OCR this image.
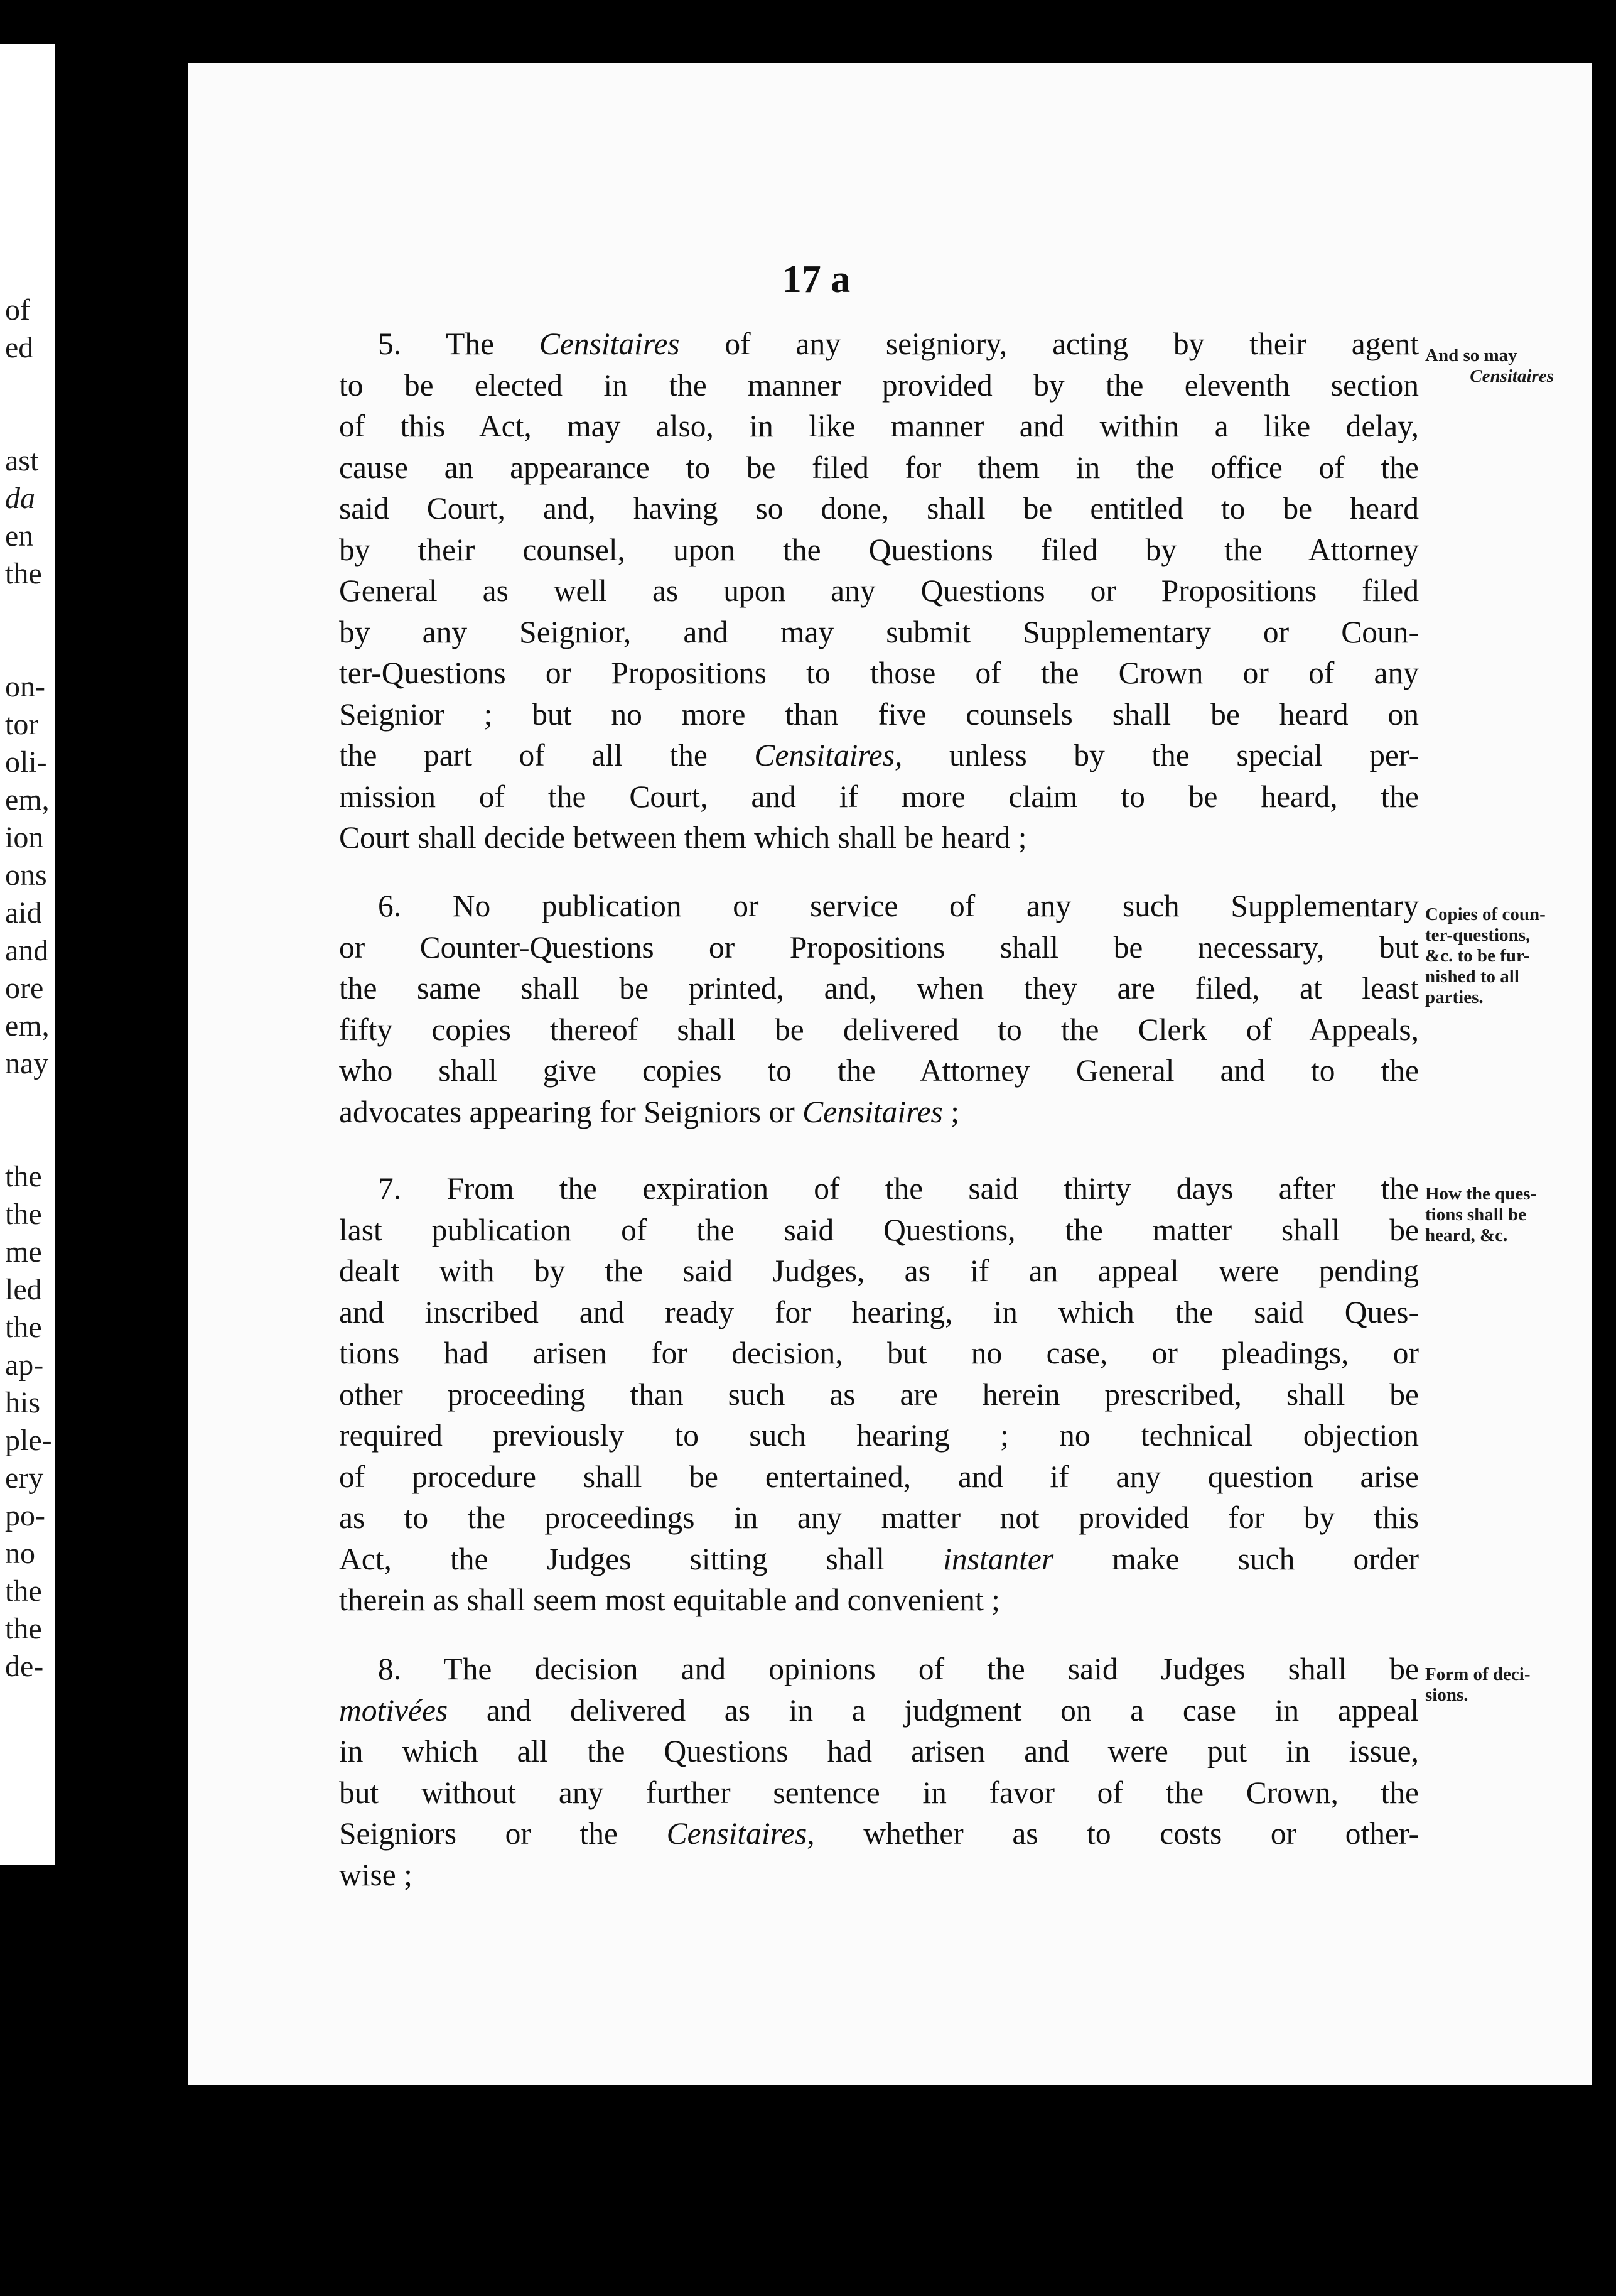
of
ed
ast
da
en
the
on-
tor
oli-
em,
ion
ons
aid
and
ore
em,
nay
the
the
me
led
the
ap-
his
ple-
ery
po-
no
the
the
de-
17 a

5. The Censitaires of any seigniory, acting by their agent
to be elected in the manner provided by the eleventh section
of this Act, may also, in like manner and within a like delay,
cause an appearance to be filed for them in the office of the
said Court, and, having so done, shall be entitled to be heard
by their counsel, upon the Questions filed by the Attorney
General as well as upon any Questions or Propositions filed
by any Seignior, and may submit Supplementary or Coun-
ter-Questions or Propositions to those of the Crown or of any
Seignior ; but no more than five counsels shall be heard on
the part of all the Censitaires, unless by the special per-
mission of the Court, and if more claim to be heard, the
Court shall decide between them which shall be heard ;

And so may
Censitaires

6. No publication or service of any such Supplementary
or Counter-Questions or Propositions shall be necessary, but
the same shall be printed, and, when they are filed, at least
fifty copies thereof shall be delivered to the Clerk of Appeals,
who shall give copies to the Attorney General and to the
advocates appearing for Seigniors or Censitaires ;

Copies of coun-
ter-questions,
&c. to be fur-
nished to all
parties.

7. From the expiration of the said thirty days after the
last publication of the said Questions, the matter shall be
dealt with by the said Judges, as if an appeal were pending
and inscribed and ready for hearing, in which the said Ques-
tions had arisen for decision, but no case, or pleadings, or
other proceeding than such as are herein prescribed, shall be
required previously to such hearing ; no technical objection
of procedure shall be entertained, and if any question arise
as to the proceedings in any matter not provided for by this
Act, the Judges sitting shall instanter make such order
therein as shall seem most equitable and convenient ;

How the ques-
tions shall be
heard, &c.

8. The decision and opinions of the said Judges shall be
motivées and delivered as in a judgment on a case in appeal
in which all the Questions had arisen and were put in issue,
but without any further sentence in favor of the Crown, the
Seigniors or the Censitaires, whether as to costs or other-
wise ;

Form of deci-
sions.
